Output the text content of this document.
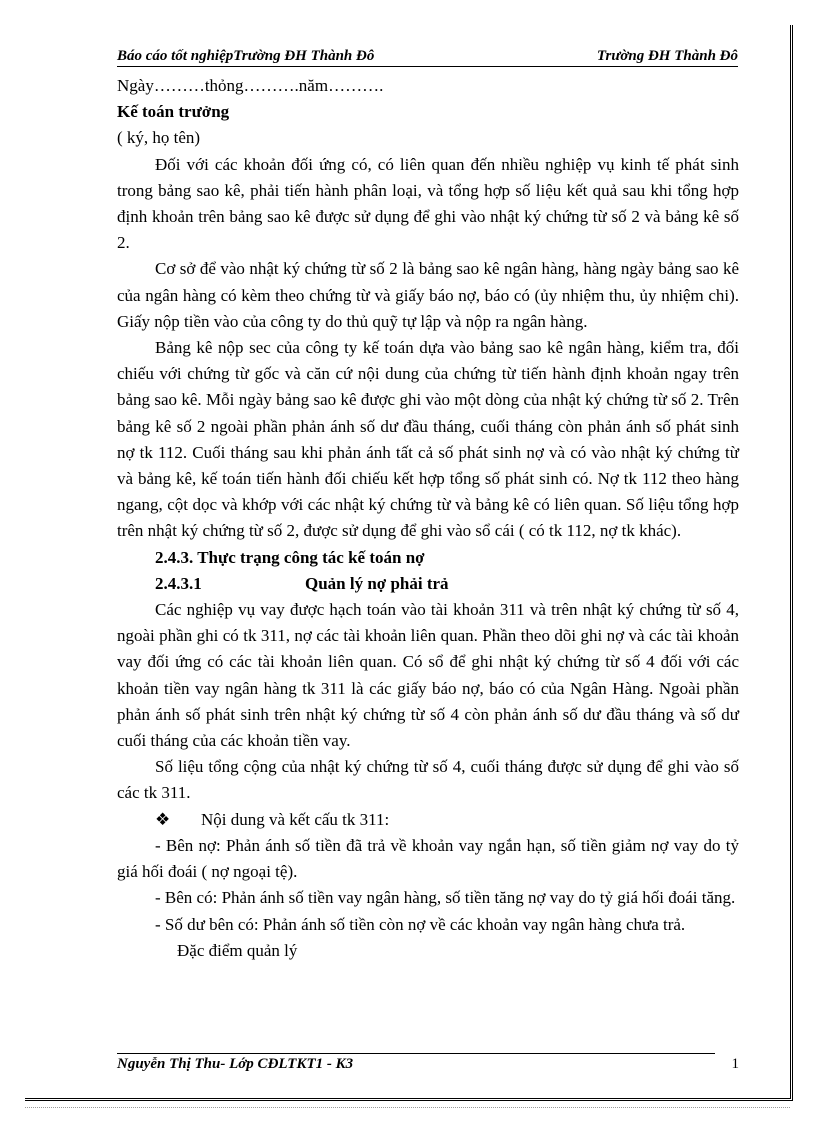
Báo cáo tốt nghiệpTrường ĐH Thành Đô	Trường ĐH Thành Đô

Ngày………thỏng……….năm……….

Kế toán trưởng

( ký, họ tên)

Đối với các khoản đối ứng có, có liên quan đến nhiều nghiệp vụ kinh tế phát sinh trong bảng sao kê, phải tiến hành phân loại, và tổng hợp số liệu kết quả sau khi tổng hợp định khoản trên bảng sao kê được sử dụng để ghi vào nhật ký chứng từ số 2 và bảng kê số 2.

Cơ sở để vào nhật ký chứng từ số 2 là bảng sao kê ngân hàng, hàng ngày bảng sao kê của ngân hàng có kèm theo chứng từ và giấy báo nợ, báo có (ủy nhiệm thu, ủy nhiệm chi). Giấy nộp tiền vào của công ty do thủ quỹ tự lập và nộp ra ngân hàng.

Bảng kê nộp sec của công ty kế toán dựa vào bảng sao kê ngân hàng, kiểm tra, đối chiếu với chứng từ gốc và căn cứ nội dung của chứng từ tiến hành định khoản ngay trên bảng sao kê. Mỗi ngày bảng sao kê được ghi vào một dòng của nhật ký chứng từ số 2. Trên bảng kê số 2 ngoài phần phản ánh số dư đầu tháng, cuối tháng còn phản ánh số phát sinh nợ tk 112. Cuối tháng sau khi phản ánh tất cả số phát sinh nợ và có vào nhật ký chứng từ và bảng kê, kế toán tiến hành đối chiếu kết hợp tổng số phát sinh có. Nợ tk 112 theo hàng ngang, cột dọc và khớp với các nhật ký chứng từ và bảng kê có liên quan. Số liệu tổng hợp trên nhật ký chứng từ số 2, được sử dụng để ghi vào sổ cái ( có tk 112, nợ tk khác).

2.4.3. Thực trạng công tác kế toán nợ

2.4.3.1	Quản lý nợ phải trả

Các nghiệp vụ vay được hạch toán vào tài khoản 311 và trên nhật ký chứng từ số 4, ngoài phần ghi có tk 311, nợ các tài khoản liên quan. Phần theo dõi ghi nợ và các tài khoản vay đối ứng có các tài khoản liên quan. Có sổ để ghi nhật ký chứng từ số 4 đối với các khoản tiền vay ngân hàng tk 311 là các giấy báo nợ, báo có của Ngân Hàng. Ngoài phần phản ánh số phát sinh trên nhật ký chứng từ số 4 còn phản ánh số dư đầu tháng và số dư cuối tháng của các khoản tiền vay.

Số liệu tổng cộng của nhật ký chứng từ số 4, cuối tháng được sử dụng để ghi vào số các tk 311.

❖	Nội dung và kết cấu tk 311:

- Bên nợ: Phản ánh số tiền đã trả về khoản vay ngắn hạn, số tiền giảm nợ vay do tỷ giá hối đoái ( nợ ngoại tệ).

- Bên có: Phản ánh số tiền vay ngân hàng, số tiền tăng nợ vay do tỷ giá hối đoái tăng.

- Số dư bên có: Phản ánh số tiền còn nợ về các khoản vay ngân hàng chưa trả.

Đặc điểm quản lý

Nguyễn Thị Thu- Lớp CĐLTKT1 - K3	1
